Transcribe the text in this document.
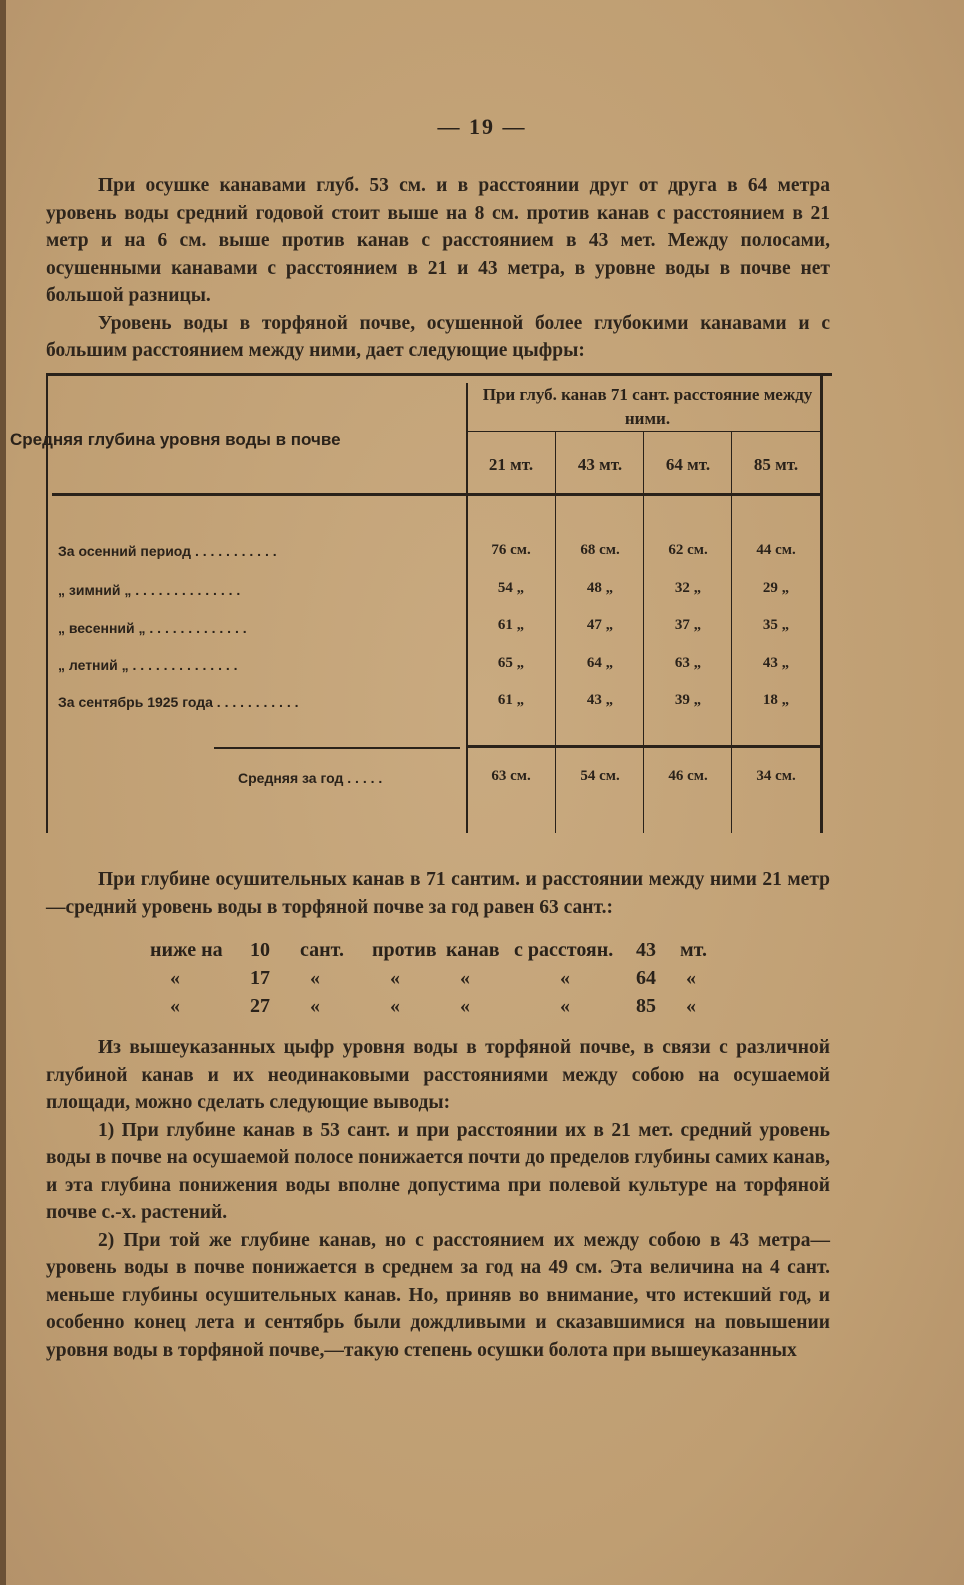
— 19 —

При осушке канавами глуб. 53 см. и в расстоянии друг от друга в 64 метра уровень воды средний годовой стоит выше на 8 см. против канав с расстоянием в 21 метр и на 6 см. выше против канав с расстоянием в 43 мет. Между полосами, осушенными канавами с расстоянием в 21 и 43 метра, в уровне воды в почве нет большой разницы.

Уровень воды в торфяной почве, осушенной более глубокими канавами и с большим расстоянием между ними, дает следующие цыфры:

Средняя глубина уровня воды в почве
При глуб. канав 71 сант. расстояние между ними.
21 мт.	43 мт.	64 мт.	85 мт.
За осенний период . . . . . . . . . . .	76 см.	68 см.	62 см.	44 см.
„ зимний „ . . . . . . . . . . . . . .	54 „	48 „	32 „	29 „
„ весенний „ . . . . . . . . . . . . .	61 „	47 „	37 „	35 „
„ летний „ . . . . . . . . . . . . . .	65 „	64 „	63 „	43 „
За сентябрь 1925 года . . . . . . . . . . .	61 „	43 „	39 „	18 „
Средняя за год . . . . .	63 см.	54 см.	46 см.	34 см.

При глубине осушительных канав в 71 сантим. и расстоянии между ними 21 метр—средний уровень воды в торфяной почве за год равен 63 сант.:

ниже на 10 сант. против канав с расстоян. 43 мт.
«	17 «	«	«	«	64 «
«	27 «	«	«	«	85 «

Из вышеуказанных цыфр уровня воды в торфяной почве, в связи с различной глубиной канав и их неодинаковыми расстояниями между собою на осушаемой площади, можно сделать следующие выводы:

1) При глубине канав в 53 сант. и при расстоянии их в 21 мет. средний уровень воды в почве на осушаемой полосе понижается почти до пределов глубины самих канав, и эта глубина понижения воды вполне допустима при полевой культуре на торфяной почве с.-х. растений.

2) При той же глубине канав, но с расстоянием их между собою в 43 метра—уровень воды в почве понижается в среднем за год на 49 см. Эта величина на 4 сант. меньше глубины осушительных канав. Но, приняв во внимание, что истекший год, и особенно конец лета и сентябрь были дождливыми и сказавшимися на повышении уровня воды в торфяной почве,—такую степень осушки болота при вышеуказанных
